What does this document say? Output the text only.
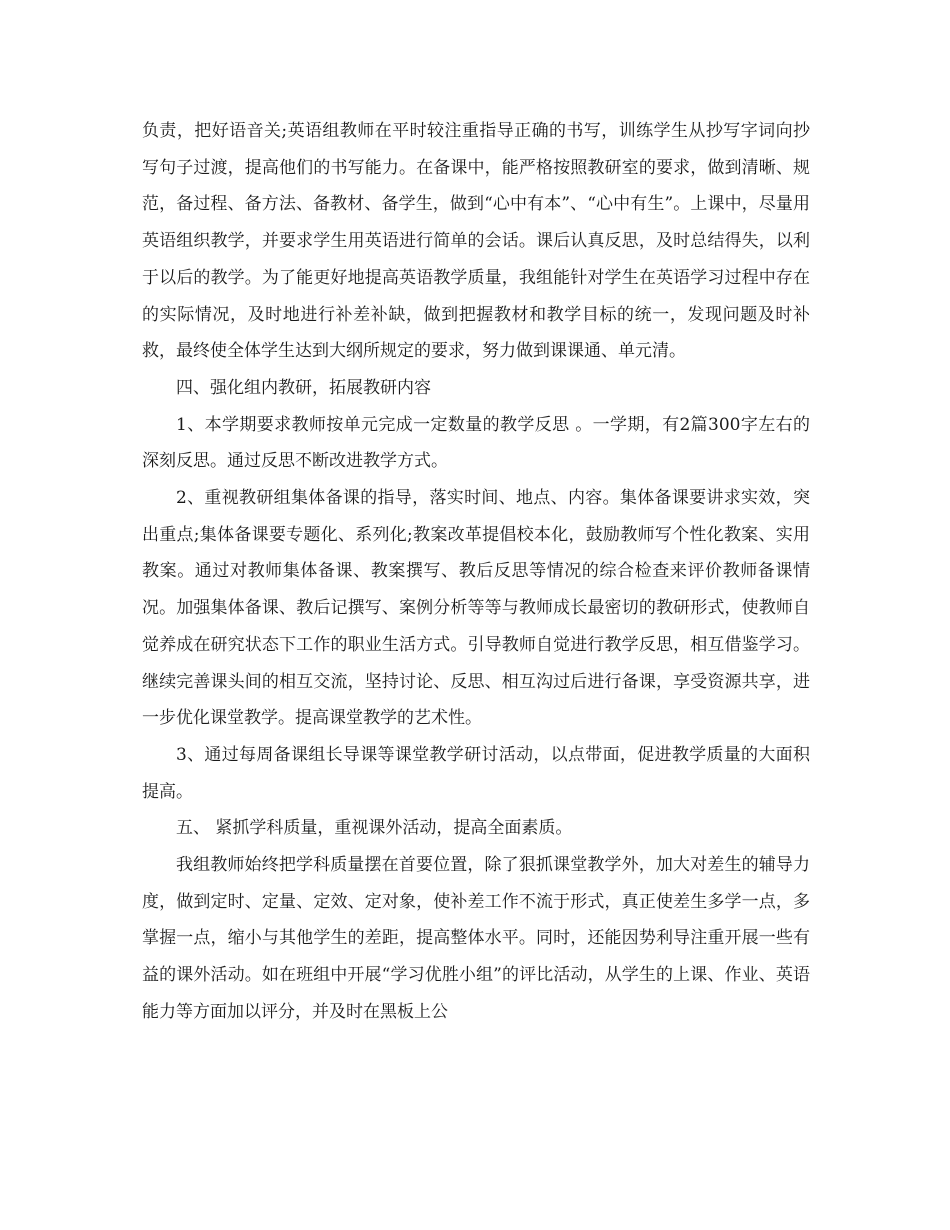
负责，把好语音关;英语组教师在平时较注重指导正确的书写，训练学生从抄写字词向抄写句子过渡，提高他们的书写能力。在备课中，能严格按照教研室的要求，做到清晰、规范，备过程、备方法、备教材、备学生，做到“心中有本”、“心中有生”。上课中，尽量用英语组织教学，并要求学生用英语进行简单的会话。课后认真反思，及时总结得失，以利于以后的教学。为了能更好地提高英语教学质量，我组能针对学生在英语学习过程中存在的实际情况，及时地进行补差补缺，做到把握教材和教学目标的统一，发现问题及时补救，最终使全体学生达到大纲所规定的要求，努力做到课课通、单元清。

四、强化组内教研，拓展教研内容

1、本学期要求教师按单元完成一定数量的教学反思 。一学期，有2篇300字左右的深刻反思。通过反思不断改进教学方式。

2、重视教研组集体备课的指导，落实时间、地点、内容。集体备课要讲求实效，突出重点;集体备课要专题化、系列化;教案改革提倡校本化，鼓励教师写个性化教案、实用教案。通过对教师集体备课、教案撰写、教后反思等情况的综合检查来评价教师备课情况。加强集体备课、教后记撰写、案例分析等等与教师成长最密切的教研形式，使教师自觉养成在研究状态下工作的职业生活方式。引导教师自觉进行教学反思，相互借鉴学习。继续完善课头间的相互交流，坚持讨论、反思、相互沟过后进行备课，享受资源共享，进一步优化课堂教学。提高课堂教学的艺术性。

3、通过每周备课组长导课等课堂教学研讨活动，以点带面，促进教学质量的大面积提高。

五、 紧抓学科质量，重视课外活动，提高全面素质。

我组教师始终把学科质量摆在首要位置，除了狠抓课堂教学外，加大对差生的辅导力度，做到定时、定量、定效、定对象，使补差工作不流于形式，真正使差生多学一点，多掌握一点，缩小与其他学生的差距，提高整体水平。同时，还能因势利导注重开展一些有益的课外活动。如在班组中开展“学习优胜小组”的评比活动，从学生的上课、作业、英语能力等方面加以评分，并及时在黑板上公
